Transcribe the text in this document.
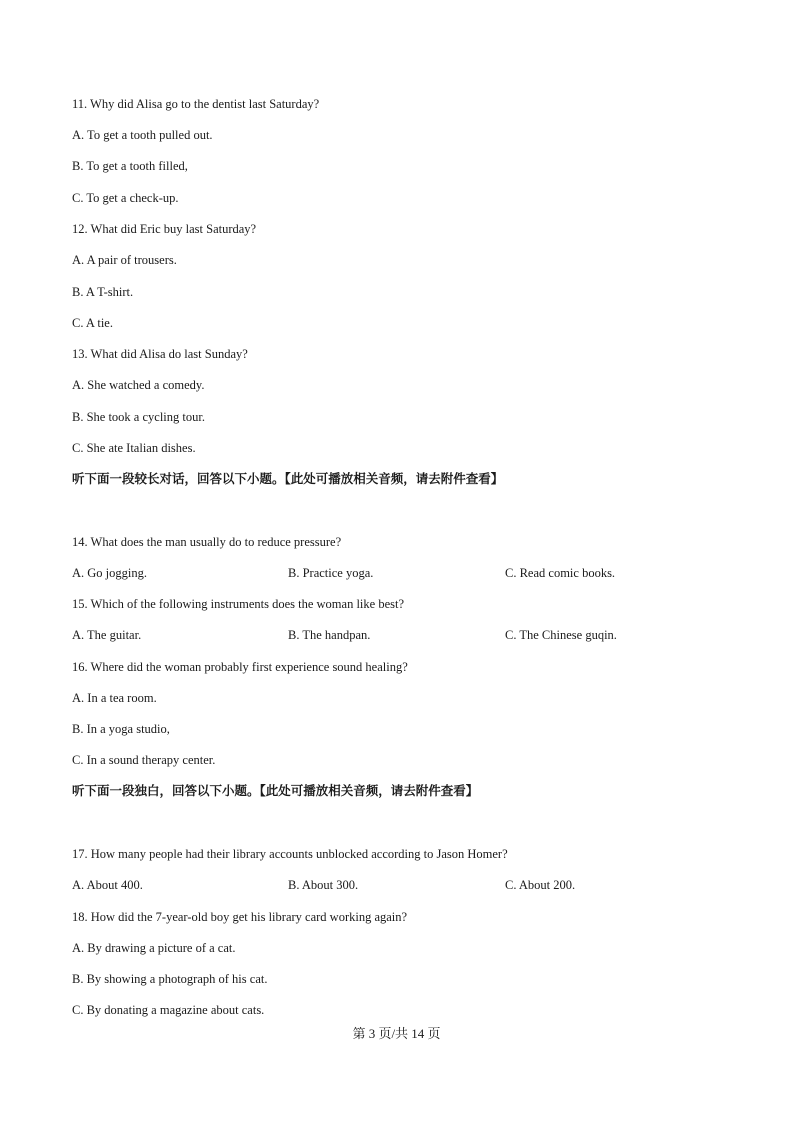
11. Why did Alisa go to the dentist last Saturday?
A. To get a tooth pulled out.
B. To get a tooth filled,
C. To get a check-up.
12. What did Eric buy last Saturday?
A. A pair of trousers.
B. A T-shirt.
C. A tie.
13. What did Alisa do last Sunday?
A. She watched a comedy.
B. She took a cycling tour.
C. She ate Italian dishes.
听下面一段较长对话，回答以下小题。【此处可播放相关音频，请去附件查看】
14. What does the man usually do to reduce pressure?
A. Go jogging.	B. Practice yoga.	C. Read comic books.
15. Which of the following instruments does the woman like best?
A. The guitar.	B. The handpan.	C. The Chinese guqin.
16. Where did the woman probably first experience sound healing?
A. In a tea room.
B. In a yoga studio,
C. In a sound therapy center.
听下面一段独白，回答以下小题。【此处可播放相关音频，请去附件查看】
17. How many people had their library accounts unblocked according to Jason Homer?
A. About 400.	B. About 300.	C. About 200.
18. How did the 7-year-old boy get his library card working again?
A. By drawing a picture of a cat.
B. By showing a photograph of his cat.
C. By donating a magazine about cats.
第 3 页/共 14 页
